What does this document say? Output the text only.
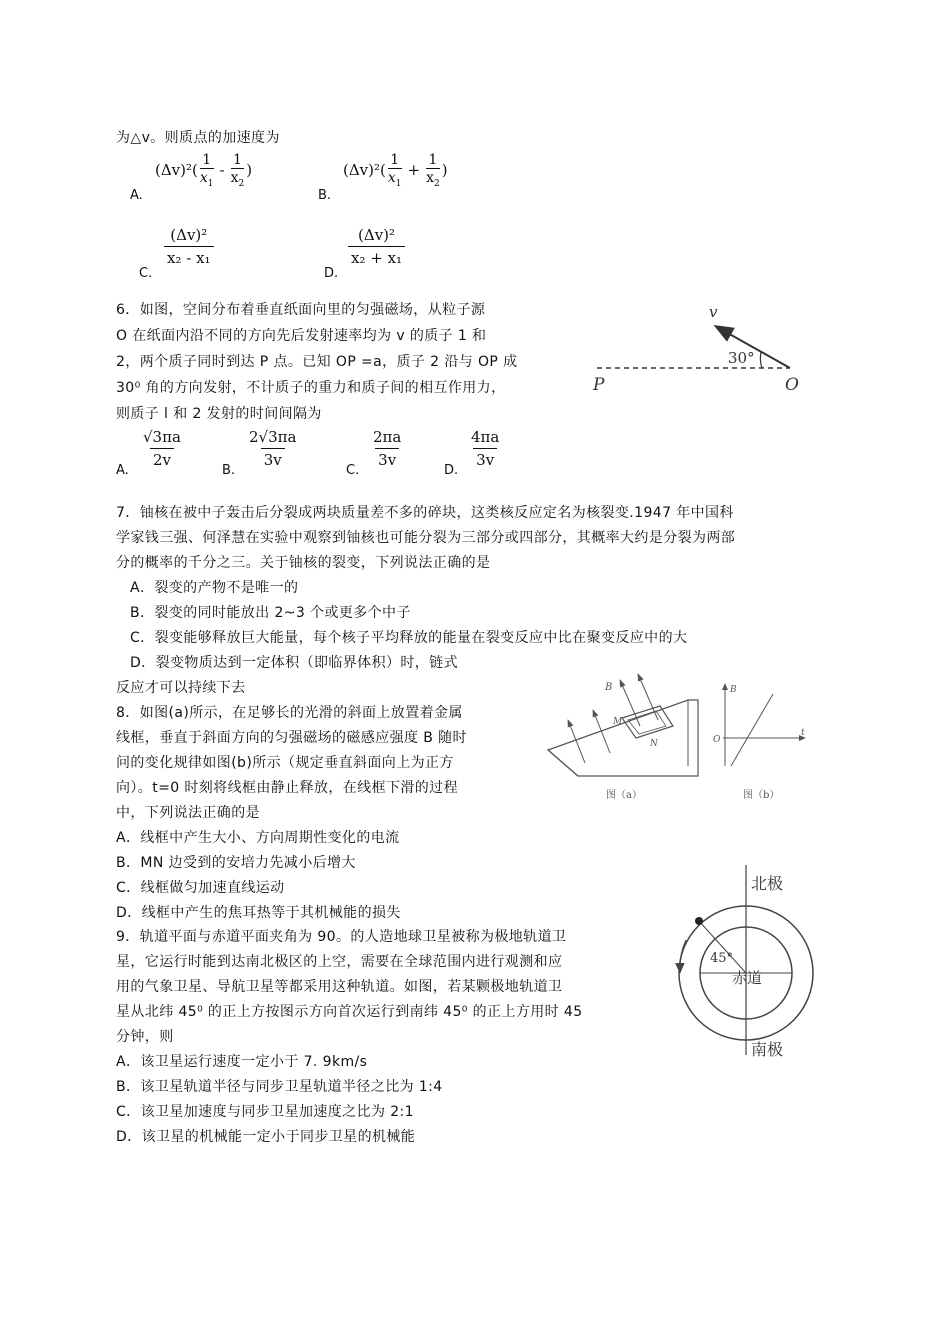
为△v。则质点的加速度为
A.
(Δv)² (
1
$x_1$
-
1
$x_2$
)
B.
(Δv)² (
1
$x_1$
+ $\frac{1}{x_2}$ )
C.
$\frac{\text{(Δv)²}}{\text{x₂ - x₁}}$
D.
$\frac{\text{(Δv)²}}{\text{x₂ + x₁}}$
6．如图，空间分布着垂直纸面向里的匀强磁场，从粒子源
O 在纸面内沿不同的方向先后发射速率均为 v 的质子 1 和
2，两个质子同时到达 P 点。已知 OP =a，质子 2 沿与 OP 成
30⁰ 角的方向发射，不计质子的重力和质子间的相互作用力，
则质子 l 和 2 发射的时间间隔为
v
30°
P	O
A.
$\frac{√3\pi a}{2v}$
B.
$\frac{2√3\pi a}{3v}$
C.
$\frac{2\pi a}{3v}$
D.
$\frac{4\pi a}{3v}$
7．铀核在被中子轰击后分裂成两块质量差不多的碎块，这类核反应定名为核裂变.1947 年中国科
学家钱三强、何泽慧在实验中观察到铀核也可能分裂为三部分或四部分，其概率大约是分裂为两部
分的概率的千分之三。关于铀核的裂变，下列说法正确的是
A．裂变的产物不是唯一的
B．裂变的同时能放出 2~3 个或更多个中子
C．裂变能够释放巨大能量，每个核子平均释放的能量在裂变反应中比在聚变反应中的大
D．裂变物质达到一定体积（即临界体积）时，链式
反应才可以持续下去
8．如图(a)所示，在足够长的光滑的斜面上放置着金属
线框，垂直于斜面方向的匀强磁场的磁感应强度 B 随时
问的变化规律如图(b)所示（规定垂直斜面向上为正方
向）。t=0 时刻将线框由静止释放，在线框下滑的过程
中，下列说法正确的是
A．线框中产生大小、方向周期性变化的电流
B．MN 边受到的安培力先减小后增大
C．线框做匀加速直线运动
D．线框中产生的焦耳热等于其机械能的损失
B
M
N
图（a）
B
O
t
图（b）
9．轨道平面与赤道平面夹角为 90。的人造地球卫星被称为极地轨道卫
星，它运行时能到达南北极区的上空，需要在全球范围内进行观测和应
用的气象卫星、导航卫星等都采用这种轨道。如图，若某颗极地轨道卫
星从北纬 45⁰ 的正上方按图示方向首次运行到南纬 45⁰ 的正上方用时 45
分钟，则
A．该卫星运行速度一定小于 7. 9km/s
B．该卫星轨道半径与同步卫星轨道半径之比为 1:4
C．该卫星加速度与同步卫星加速度之比为 2:1
D．该卫星的机械能一定小于同步卫星的机械能
北极
南极
赤道
45°
